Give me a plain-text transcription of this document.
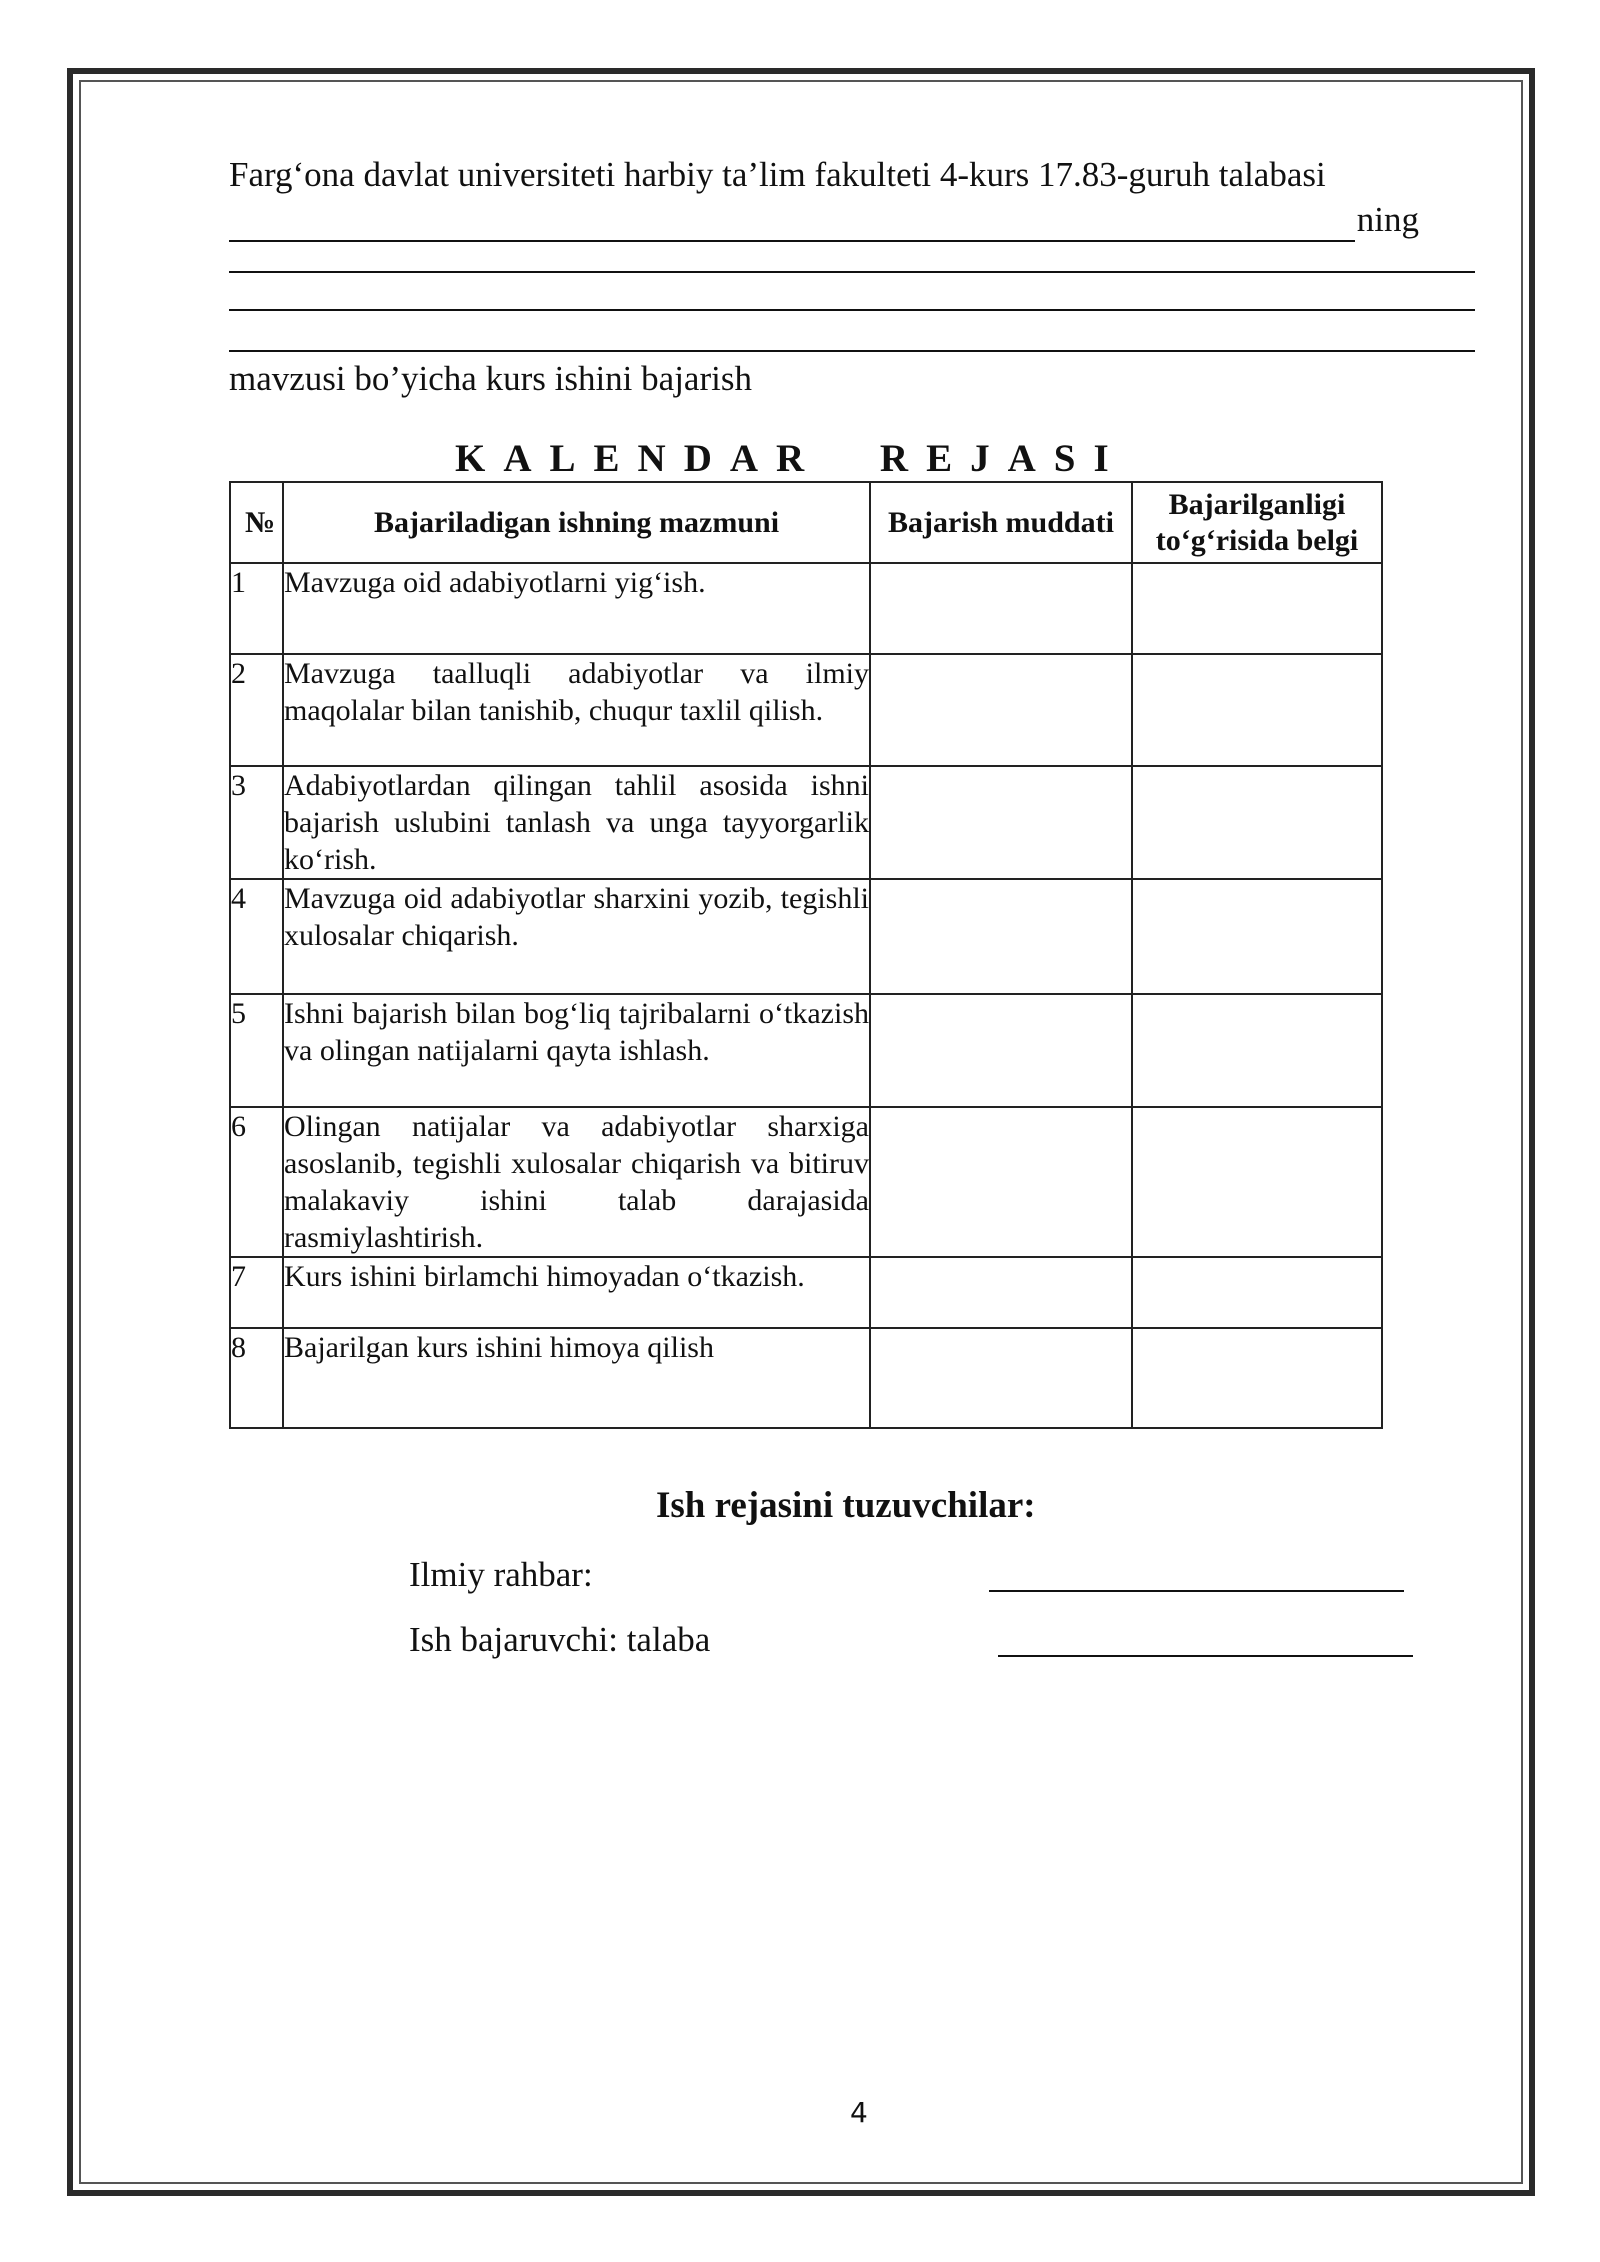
Farg‘ona davlat universiteti harbiy ta’lim fakulteti 4-kurs 17.83-guruh talabasi
ning
mavzusi bo’yicha kurs ishini bajarish
KALENDAR REJASI
№	Bajariladigan ishning mazmuni	Bajarish muddati	Bajarilganligi
to‘g‘risida belgi

1	Mavzuga oid adabiyotlarni yig‘ish.		
2	Mavzuga taalluqli adabiyotlar va ilmiy maqolalar bilan tanishib, chuqur taxlil qilish.		
3	Adabiyotlardan qilingan tahlil asosida ishni bajarish uslubini tanlash va unga tayyorgarlik ko‘rish.		
4	Mavzuga oid adabiyotlar sharxini yozib, tegishli xulosalar chiqarish.		
5	Ishni bajarish bilan bog‘liq tajribalarni o‘tkazish va olingan natijalarni qayta ishlash.		
6	Olingan natijalar va adabiyotlar sharxiga asoslanib, tegishli xulosalar chiqarish va bitiruv malakaviy ishini talab darajasida rasmiylashtirish.		
7	Kurs ishini birlamchi himoyadan o‘tkazish.		
8	Bajarilgan kurs ishini himoya qilish		
Ish rejasini tuzuvchilar:
Ilmiy rahbar:
Ish bajaruvchi: talaba
4
